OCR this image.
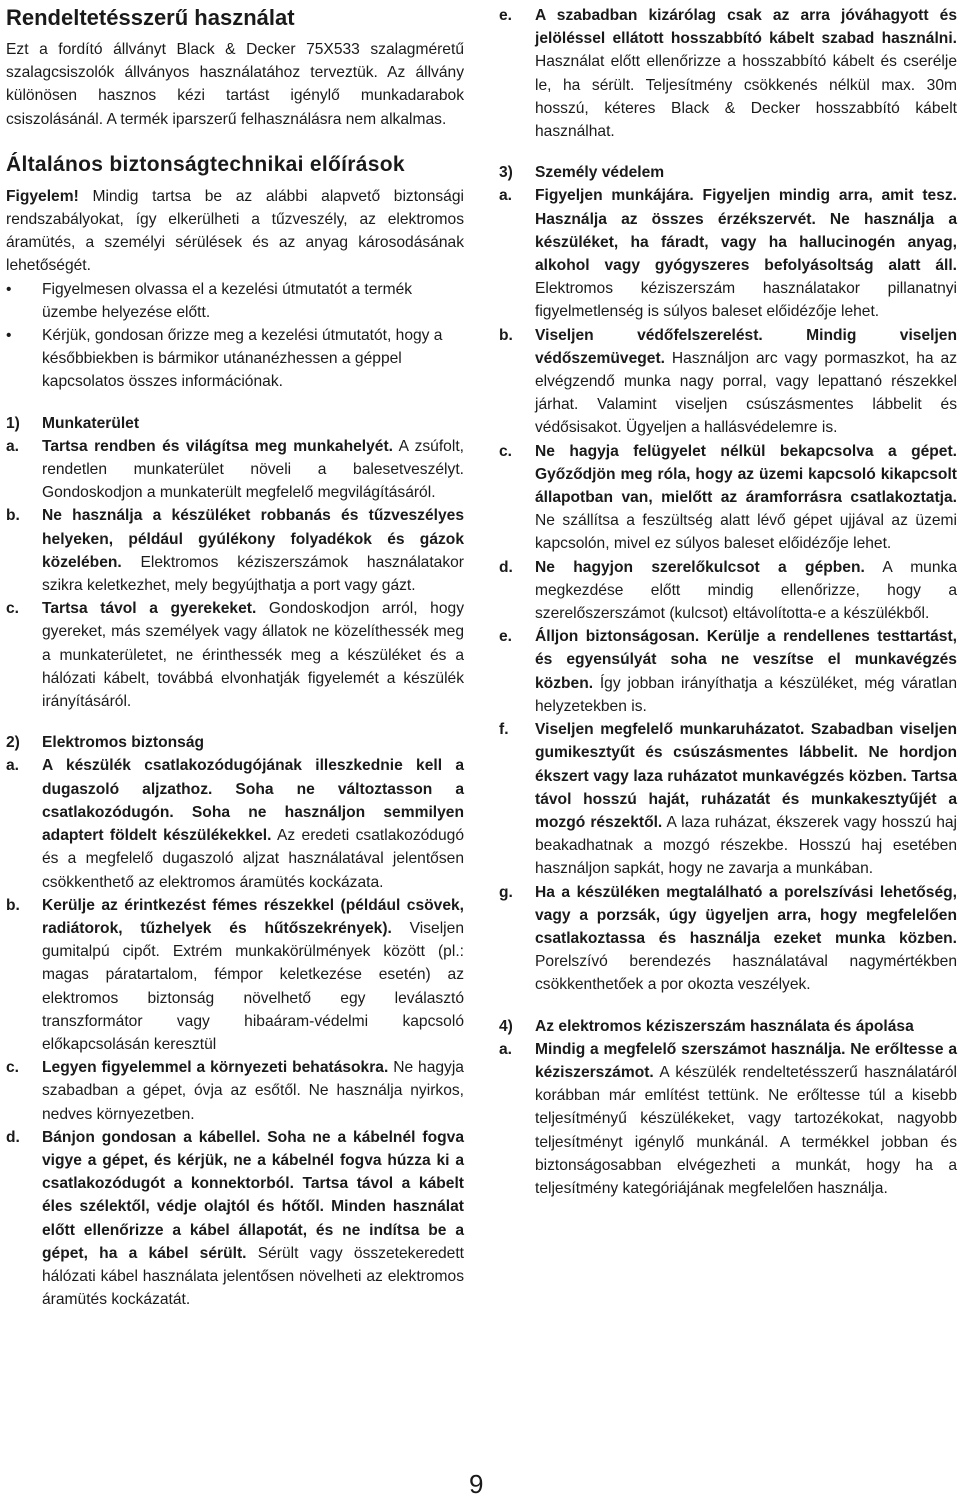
Rendeltetésszerű használat

Ezt a fordító állványt Black & Decker 75X533 szalagméretű szalagcsiszolók állványos használatához terveztük. Az állvány különösen hasznos kézi tartást igénylő munkadarabok csiszolásánál. A termék iparszerű felhasználásra nem alkalmas.

Általános biztonságtechnikai előírások

Figyelem! Mindig tartsa be az alábbi alapvető biztonsági rendszabályokat, így elkerülheti a tűzveszély, az elektromos áramütés, a személyi sérülések és az anyag károsodásának lehetőségét.

•	Figyelmesen olvassa el a kezelési útmutatót a termék üzembe helyezése előtt.
•	Kérjük, gondosan őrizze meg a kezelési útmutatót, hogy a későbbiekben is bármikor utánanézhessen a géppel kapcsolatos összes információnak.
1)	Munkaterület
a.	Tartsa rendben és világítsa meg munkahelyét. A zsúfolt, rendetlen munkaterület növeli a balesetveszélyt. Gondoskodjon a munkaterült megfelelő megvilágításáról.
b.	Ne használja a készüléket robbanás és tűzveszélyes helyeken, például gyúlékony folyadékok és gázok közelében. Elektromos kéziszerszámok használatakor szikra keletkezhet, mely begyújthatja a port vagy gázt.
c.	Tartsa távol a gyerekeket. Gondoskodjon arról, hogy gyereket, más személyek vagy állatok ne közelíthessék meg a munkaterületet, ne érinthessék meg a készüléket és a hálózati kábelt, továbbá elvonhatják figyelemét a készülék irányításáról.
2)	Elektromos biztonság
a.	A készülék csatlakozódugójának illeszkednie kell a dugaszoló aljzathoz. Soha ne változtasson a csatlakozódugón. Soha ne használjon semmilyen adaptert földelt készülékekkel. Az eredeti csatlakozódugó és a megfelelő dugaszoló aljzat használatával jelentősen csökkenthető az elektromos áramütés kockázata.
b.	Kerülje az érintkezést fémes részekkel (például csövek, radiátorok, tűzhelyek és hűtőszekrények). Viseljen gumitalpú cipőt. Extrém munkakörülmények között (pl.: magas páratartalom, fémpor keletkezése esetén) az elektromos biztonság növelhető egy leválasztó transzformátor vagy hibaáram-védelmi kapcsoló előkapcsolásán keresztül
c.	Legyen figyelemmel a környezeti behatásokra. Ne hagyja szabadban a gépet, óvja az esőtől. Ne használja nyirkos, nedves környezetben.
d.	Bánjon gondosan a kábellel. Soha ne a kábelnél fogva vigye a gépet, és kérjük, ne a kábelnél fogva húzza ki a csatlakozódugót a konnektorból. Tartsa távol a kábelt éles szélektől, védje olajtól és hőtől. Minden használat előtt ellenőrizze a kábel állapotát, és ne indítsa be a gépet, ha a kábel sérült. Sérült vagy összetekeredett hálózati kábel használata jelentősen növelheti az elektromos áramütés kockázatát.
e.	A szabadban kizárólag csak az arra jóváhagyott és jelöléssel ellátott hosszabbító kábelt szabad használni. Használat előtt ellenőrizze a hosszabbító kábelt és cserélje le, ha sérült. Teljesítmény csökkenés nélkül max. 30m hosszú, kéteres Black & Decker hosszabbító kábelt használhat.
3)	Személy védelem
a.	Figyeljen munkájára. Figyeljen mindig arra, amit tesz. Használja az összes érzékszervét. Ne használja a készüléket, ha fáradt, vagy ha hallucinogén anyag, alkohol vagy gyógyszeres befolyásoltság alatt áll. Elektromos kéziszerszám használatakor pillanatnyi figyelmetlenség is súlyos baleset előidézője lehet.
b.	Viseljen védőfelszerelést. Mindig viseljen védőszemüveget. Használjon arc vagy pormaszkot, ha az elvégzendő munka nagy porral, vagy lepattanó részekkel járhat. Valamint viseljen csúszásmentes lábbelit és védősisakot. Ügyeljen a hallásvédelemre is.
c.	Ne hagyja felügyelet nélkül bekapcsolva a gépet. Győződjön meg róla, hogy az üzemi kapcsoló kikapcsolt állapotban van, mielőtt az áramforrásra csatlakoztatja. Ne szállítsa a feszültség alatt lévő gépet ujjával az üzemi kapcsolón, mivel ez súlyos baleset előidézője lehet.
d.	Ne hagyjon szerelőkulcsot a gépben. A munka megkezdése előtt mindig ellenőrizze, hogy a szerelőszerszámot (kulcsot) eltávolította-e a készülékből.
e.	Álljon biztonságosan. Kerülje a rendellenes testtartást, és egyensúlyát soha ne veszítse el munkavégzés közben. Így jobban irányíthatja a készüléket, még váratlan helyzetekben is.
f.	Viseljen megfelelő munkaruházatot. Szabadban viseljen gumikesztyűt és csúszásmentes lábbelit. Ne hordjon ékszert vagy laza ruházatot munkavégzés közben. Tartsa távol hosszú haját, ruházatát és munkakesztyűjét a mozgó részektől. A laza ruházat, ékszerek vagy hosszú haj beakadhatnak a mozgó részekbe. Hosszú haj esetében használjon sapkát, hogy ne zavarja a munkában.
g.	Ha a készüléken megtalálható a porelszívási lehetőség, vagy a porzsák, úgy ügyeljen arra, hogy megfelelően csatlakoztassa és használja ezeket munka közben. Porelszívó berendezés használatával nagymértékben csökkenthetőek a por okozta veszélyek.
4)	Az elektromos kéziszerszám használata és ápolása
a.	Mindig a megfelelő szerszámot használja. Ne erőltesse a kéziszerszámot. A készülék rendeltetésszerű használatáról korábban már említést tettünk. Ne erőltesse túl a kisebb teljesítményű készülékeket, vagy tartozékokat, nagyobb teljesítményt igénylő munkánál. A termékkel jobban és biztonságosabban elvégezheti a munkát, hogy ha a teljesítmény kategóriájának megfelelően használja.
9
